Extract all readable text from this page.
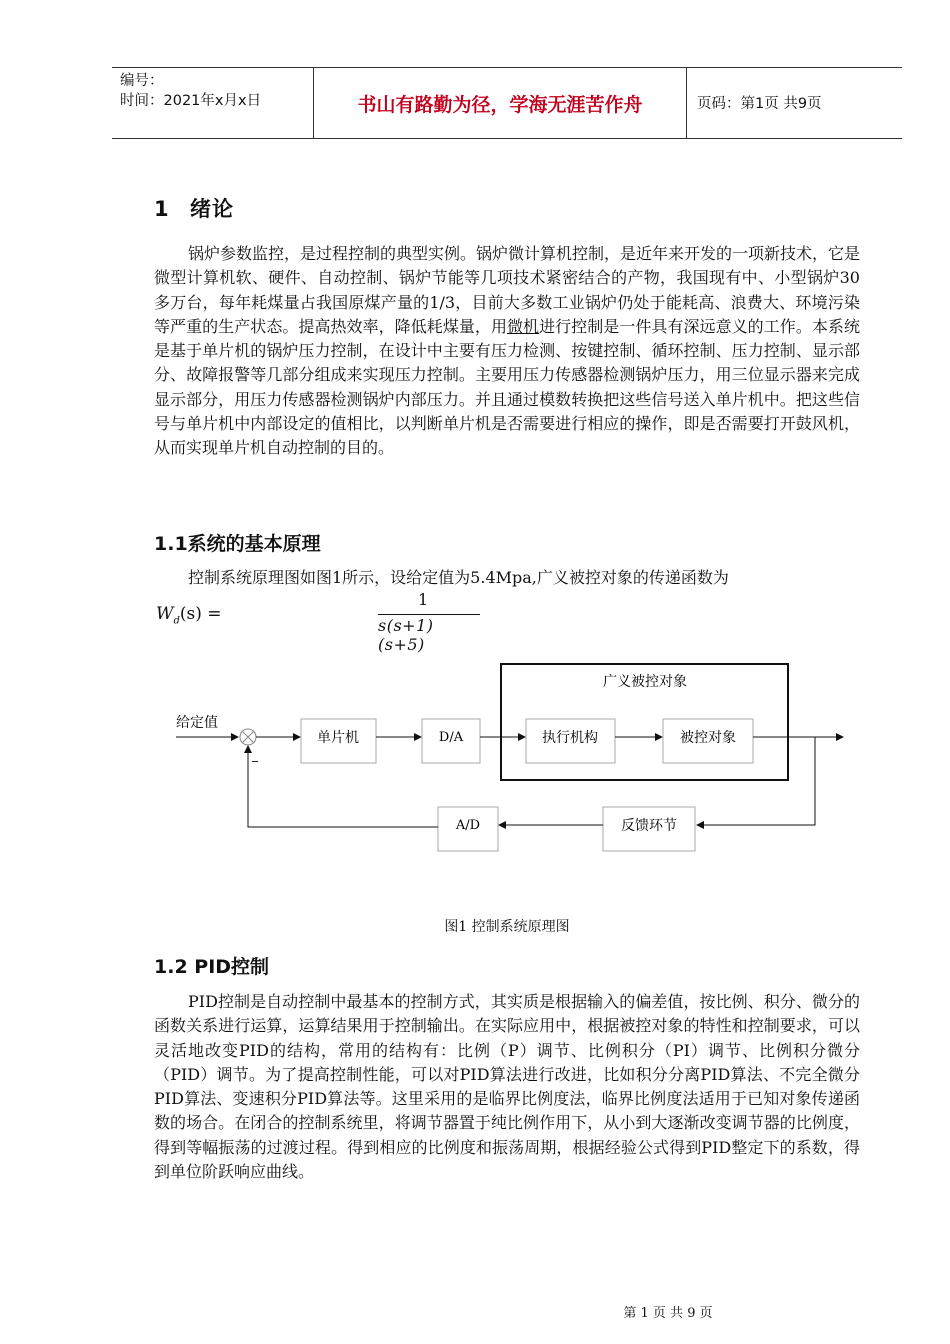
编号：
时间：2021年x月x日	书山有路勤为径，学海无涯苦作舟	页码：第1页 共9页
1 绪论

锅炉参数监控，是过程控制的典型实例。锅炉微计算机控制，是近年来开发的一项新技术，它是微型计算机软、硬件、自动控制、锅炉节能等几项技术紧密结合的产物，我国现有中、小型锅炉30多万台，每年耗煤量占我国原煤产量的1/3，目前大多数工业锅炉仍处于能耗高、浪费大、环境污染等严重的生产状态。提高热效率，降低耗煤量，用微机进行控制是一件具有深远意义的工作。本系统是基于单片机的锅炉压力控制，在设计中主要有压力检测、按键控制、循环控制、压力控制、显示部分、故障报警等几部分组成来实现压力控制。主要用压力传感器检测锅炉压力，用三位显示器来完成显示部分，用压力传感器检测锅炉内部压力。并且通过模数转换把这些信号送入单片机中。把这些信号与单片机中内部设定的值相比，以判断单片机是否需要进行相应的操作，即是否需要打开鼓风机，从而实现单片机自动控制的目的。

1.1系统的基本原理

控制系统原理图如图1所示，设给定值为5.4Mpa,广义被控对象的传递函数为

$W_d(s)$ =
1
s(s+1)(s+5)
广义被控对象
给定值
_
单片机	D/A	执行机构	被控对象
反馈环节
A/D
图1 控制系统原理图
1.2 PID控制

PID控制是自动控制中最基本的控制方式，其实质是根据输入的偏差值，按比例、积分、微分的函数关系进行运算，运算结果用于控制输出。在实际应用中，根据被控对象的特性和控制要求，可以灵活地改变PID的结构，常用的结构有：比例（P）调节、比例积分（PI）调节、比例积分微分（PID）调节。为了提高控制性能，可以对PID算法进行改进，比如积分分离PID算法、不完全微分PID算法、变速积分PID算法等。这里采用的是临界比例度法，临界比例度法适用于已知对象传递函数的场合。在闭合的控制系统里，将调节器置于纯比例作用下，从小到大逐渐改变调节器的比例度，得到等幅振荡的过渡过程。得到相应的比例度和振荡周期，根据经验公式得到PID整定下的系数，得到单位阶跃响应曲线。

第 1 页 共 9 页
